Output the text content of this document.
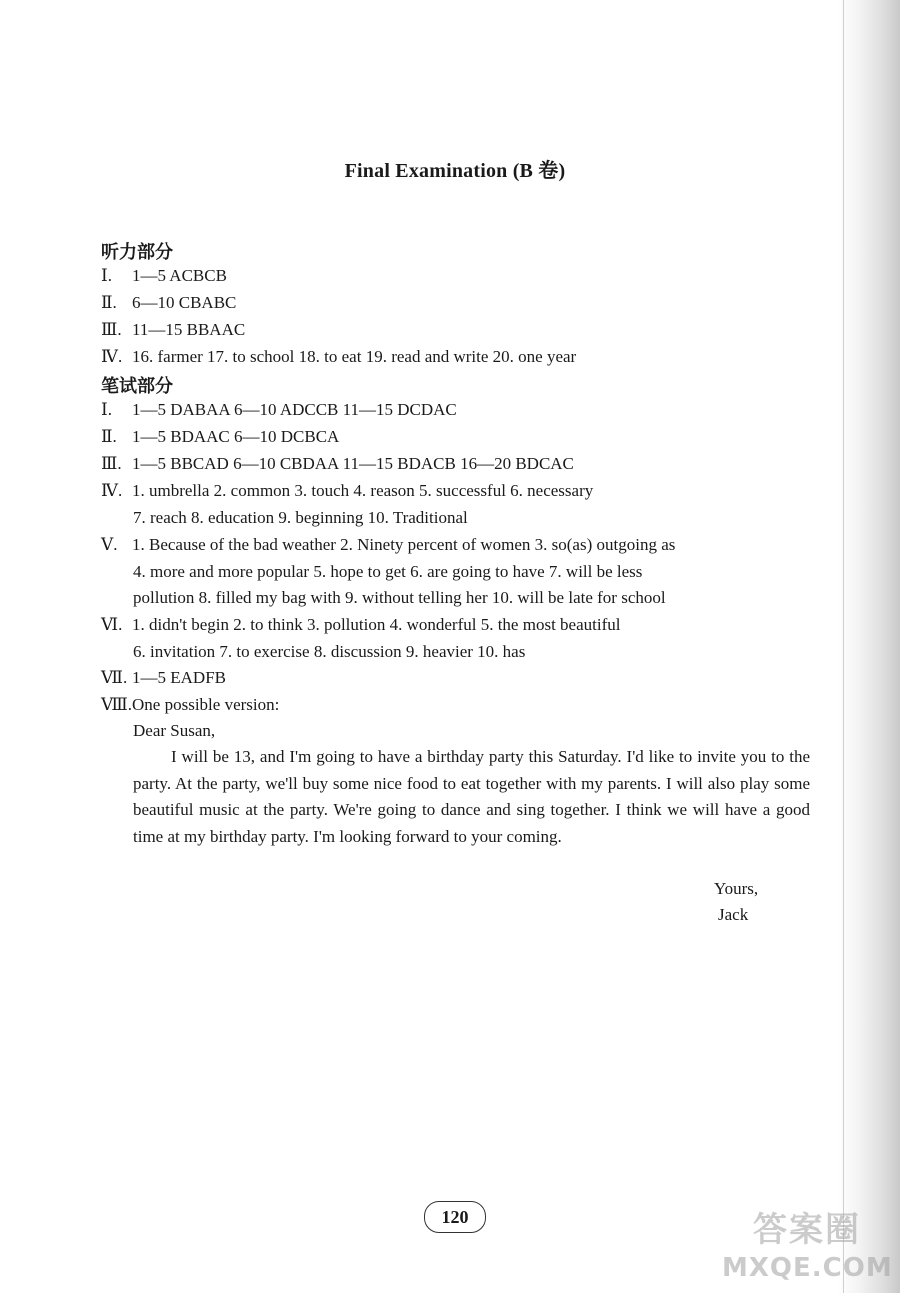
Final Examination (B 卷)
听力部分
Ⅰ. 1—5 ACBCB
Ⅱ. 6—10 CBABC
Ⅲ. 11—15 BBAAC
Ⅳ. 16. farmer 17. to school 18. to eat 19. read and write 20. one year
笔试部分
Ⅰ. 1—5 DABAA 6—10 ADCCB 11—15 DCDAC
Ⅱ. 1—5 BDAAC 6—10 DCBCA
Ⅲ. 1—5 BBCAD 6—10 CBDAA 11—15 BDACB 16—20 BDCAC
Ⅳ. 1. umbrella 2. common 3. touch 4. reason 5. successful 6. necessary
7. reach 8. education 9. beginning 10. Traditional
Ⅴ. 1. Because of the bad weather 2. Ninety percent of women 3. so(as) outgoing as
4. more and more popular 5. hope to get 6. are going to have 7. will be less
pollution 8. filled my bag with 9. without telling her 10. will be late for school
Ⅵ. 1. didn't begin 2. to think 3. pollution 4. wonderful 5. the most beautiful
6. invitation 7. to exercise 8. discussion 9. heavier 10. has
Ⅶ. 1—5 EADFB
Ⅷ.One possible version:

Dear Susan,

I will be 13, and I'm going to have a birthday party this Saturday. I'd like to invite you to the party. At the party, we'll buy some nice food to eat together with my parents. I will also play some beautiful music at the party. We're going to dance and sing together. I think we will have a good time at my birthday party. I'm looking forward to your coming.

Yours,
Jack
120	答案圈
MXQE.COM
